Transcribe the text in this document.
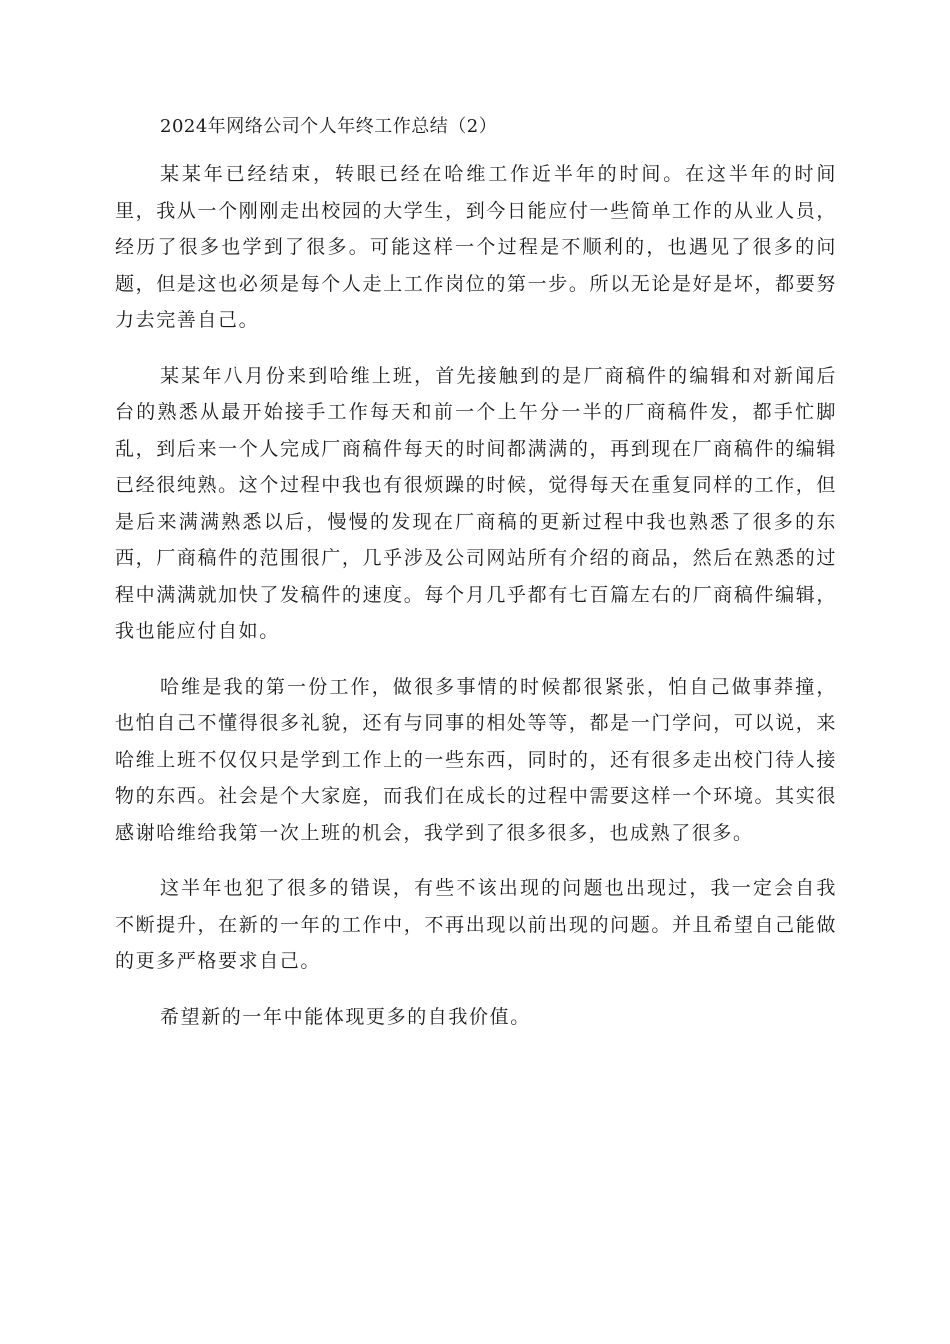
2024年网络公司个人年终工作总结（2）

某某年已经结束，转眼已经在哈维工作近半年的时间。在这半年的时间里，我从一个刚刚走出校园的大学生，到今日能应付一些简单工作的从业人员，经历了很多也学到了很多。可能这样一个过程是不顺利的，也遇见了很多的问题，但是这也必须是每个人走上工作岗位的第一步。所以无论是好是坏，都要努力去完善自己。

某某年八月份来到哈维上班，首先接触到的是厂商稿件的编辑和对新闻后台的熟悉从最开始接手工作每天和前一个上午分一半的厂商稿件发，都手忙脚乱，到后来一个人完成厂商稿件每天的时间都满满的，再到现在厂商稿件的编辑已经很纯熟。这个过程中我也有很烦躁的时候，觉得每天在重复同样的工作，但是后来满满熟悉以后，慢慢的发现在厂商稿的更新过程中我也熟悉了很多的东西，厂商稿件的范围很广，几乎涉及公司网站所有介绍的商品，然后在熟悉的过程中满满就加快了发稿件的速度。每个月几乎都有七百篇左右的厂商稿件编辑，我也能应付自如。

哈维是我的第一份工作，做很多事情的时候都很紧张，怕自己做事莽撞，也怕自己不懂得很多礼貌，还有与同事的相处等等，都是一门学问，可以说，来哈维上班不仅仅只是学到工作上的一些东西，同时的，还有很多走出校门待人接物的东西。社会是个大家庭，而我们在成长的过程中需要这样一个环境。其实很感谢哈维给我第一次上班的机会，我学到了很多很多，也成熟了很多。

这半年也犯了很多的错误，有些不该出现的问题也出现过，我一定会自我不断提升，在新的一年的工作中，不再出现以前出现的问题。并且希望自己能做的更多严格要求自己。

希望新的一年中能体现更多的自我价值。
